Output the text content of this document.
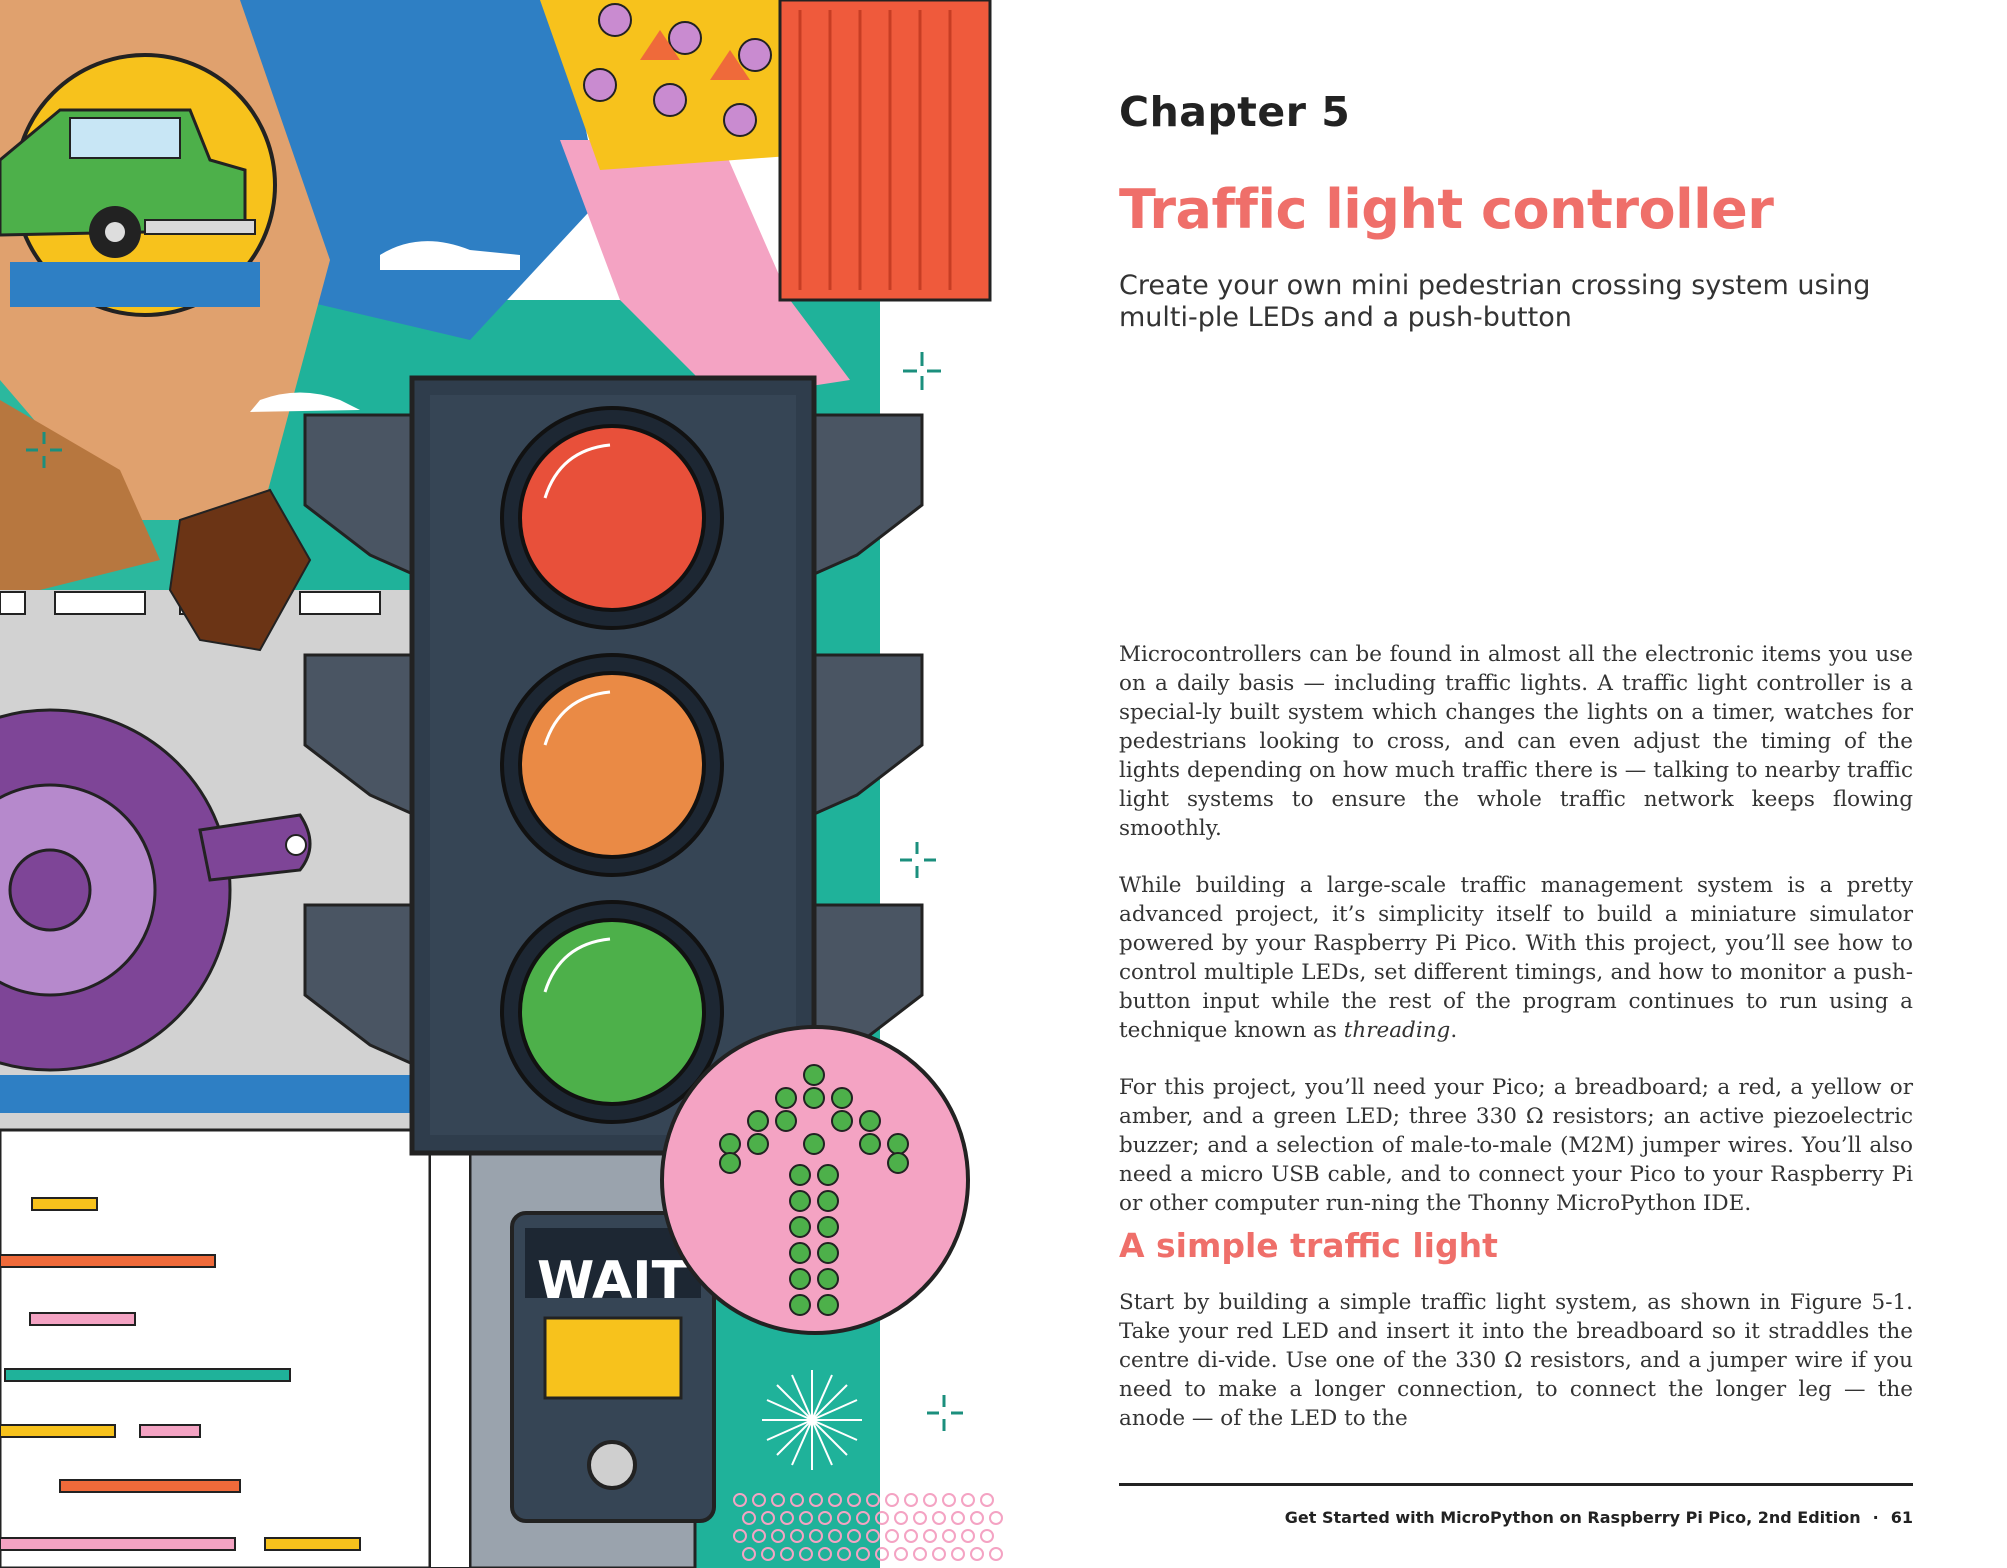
WAIT
Chapter 5
Traffic light controller

Create your own mini pedestrian crossing system using multi-ple LEDs and a push-button

Microcontrollers can be found in almost all the electronic items you use on a daily basis — including traffic lights. A traffic light controller is a special-ly built system which changes the lights on a timer, watches for pedestrians looking to cross, and can even adjust the timing of the lights depending on how much traffic there is — talking to nearby traffic light systems to ensure the whole traffic network keeps flowing smoothly.

While building a large-scale traffic management system is a pretty advanced project, it’s simplicity itself to build a miniature simulator powered by your Raspberry Pi Pico. With this project, you’ll see how to control multiple LEDs, set different timings, and how to monitor a push-button input while the rest of the program continues to run using a technique known as threading.

For this project, you’ll need your Pico; a breadboard; a red, a yellow or amber, and a green LED; three 330 Ω resistors; an active piezoelectric buzzer; and a selection of male-to-male (M2M) jumper wires. You’ll also need a micro USB cable, and to connect your Pico to your Raspberry Pi or other computer run-ning the Thonny MicroPython IDE.

A simple traffic light

Start by building a simple traffic light system, as shown in Figure 5-1. Take your red LED and insert it into the breadboard so it straddles the centre di-vide. Use one of the 330 Ω resistors, and a jumper wire if you need to make a longer connection, to connect the longer leg — the anode — of the LED to the

Get Started with MicroPython on Raspberry Pi Pico, 2nd Edition · 61
